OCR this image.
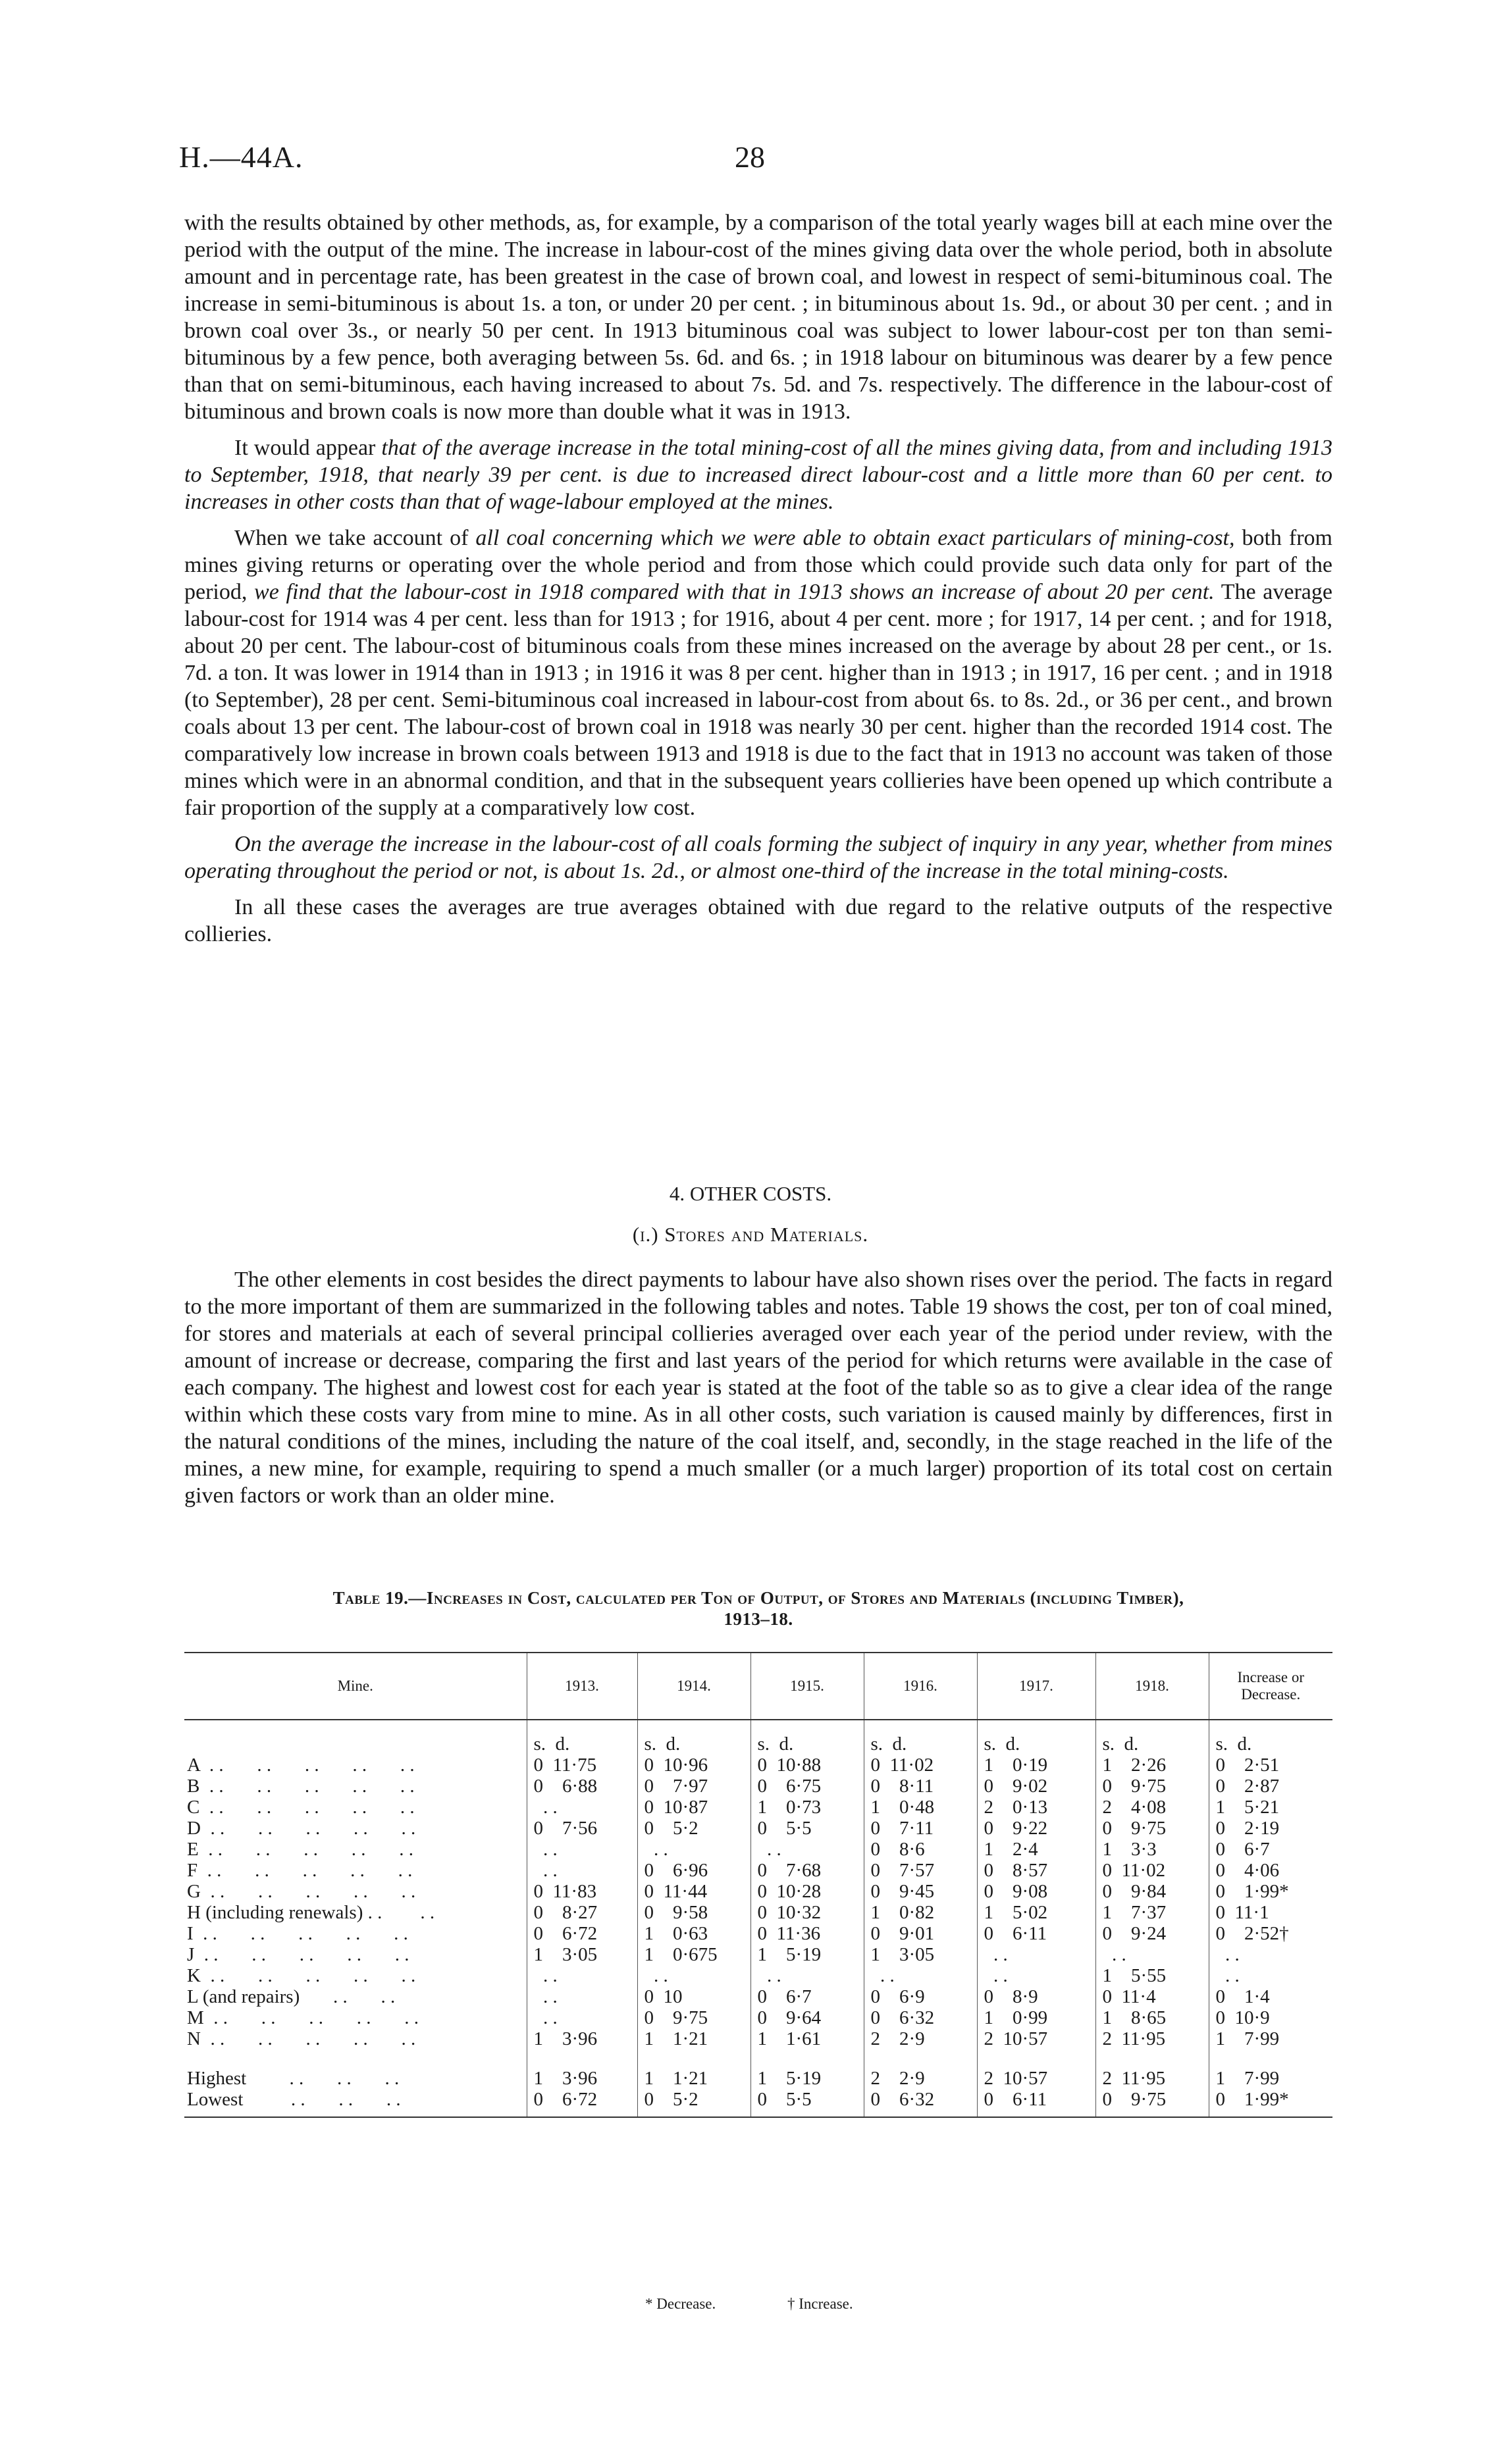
H.—44A.	28

with the results obtained by other methods, as, for example, by a comparison of the total yearly wages bill at each mine over the period with the output of the mine. The increase in labour-cost of the mines giving data over the whole period, both in absolute amount and in percentage rate, has been greatest in the case of brown coal, and lowest in respect of semi-bituminous coal. The increase in semi-bituminous is about 1s. a ton, or under 20 per cent. ; in bituminous about 1s. 9d., or about 30 per cent. ; and in brown coal over 3s., or nearly 50 per cent. In 1913 bituminous coal was subject to lower labour-cost per ton than semi-bituminous by a few pence, both averaging between 5s. 6d. and 6s. ; in 1918 labour on bituminous was dearer by a few pence than that on semi-bituminous, each having increased to about 7s. 5d. and 7s. respectively. The difference in the labour-cost of bituminous and brown coals is now more than double what it was in 1913.

It would appear that of the average increase in the total mining-cost of all the mines giving data, from and including 1913 to September, 1918, that nearly 39 per cent. is due to increased direct labour-cost and a little more than 60 per cent. to increases in other costs than that of wage-labour employed at the mines.

When we take account of all coal concerning which we were able to obtain exact particulars of mining-cost, both from mines giving returns or operating over the whole period and from those which could provide such data only for part of the period, we find that the labour-cost in 1918 compared with that in 1913 shows an increase of about 20 per cent. The average labour-cost for 1914 was 4 per cent. less than for 1913 ; for 1916, about 4 per cent. more ; for 1917, 14 per cent. ; and for 1918, about 20 per cent. The labour-cost of bituminous coals from these mines increased on the average by about 28 per cent., or 1s. 7d. a ton. It was lower in 1914 than in 1913 ; in 1916 it was 8 per cent. higher than in 1913 ; in 1917, 16 per cent. ; and in 1918 (to September), 28 per cent. Semi-bituminous coal increased in labour-cost from about 6s. to 8s. 2d., or 36 per cent., and brown coals about 13 per cent. The labour-cost of brown coal in 1918 was nearly 30 per cent. higher than the recorded 1914 cost. The comparatively low increase in brown coals between 1913 and 1918 is due to the fact that in 1913 no account was taken of those mines which were in an abnormal condition, and that in the subsequent years collieries have been opened up which contribute a fair proportion of the supply at a comparatively low cost.

On the average the increase in the labour-cost of all coals forming the subject of inquiry in any year, whether from mines operating throughout the period or not, is about 1s. 2d., or almost one-third of the increase in the total mining-costs.

In all these cases the averages are true averages obtained with due regard to the relative outputs of the respective collieries.

4. OTHER COSTS.
(i.) Stores and Materials.

The other elements in cost besides the direct payments to labour have also shown rises over the period. The facts in regard to the more important of them are summarized in the following tables and notes. Table 19 shows the cost, per ton of coal mined, for stores and materials at each of several principal collieries averaged over each year of the period under review, with the amount of increase or decrease, comparing the first and last years of the period for which returns were available in the case of each company. The highest and lowest cost for each year is stated at the foot of the table so as to give a clear idea of the range within which these costs vary from mine to mine. As in all other costs, such variation is caused mainly by differences, first in the natural conditions of the mines, including the nature of the coal itself, and, secondly, in the stage reached in the life of the mines, a new mine, for example, requiring to spend a much smaller (or a much larger) proportion of its total cost on certain given factors or work than an older mine.

Table 19.—Increases in Cost, calculated per Ton of Output, of Stores and Materials (including Timber),
1913–18.
Mine.	1913.	1914.	1915.	1916.	1917.	1918.	Increase or Decrease.
	s.  d.	s.  d.	s.  d.	s.  d.	s.  d.	s.  d.	s.  d.
A  . .       . .       . .       . .       . .	0  11·75	0  10·96	0  10·88	0  11·02	1    0·19	1    2·26	0    2·51
B  . .       . .       . .       . .       . .	0    6·88	0    7·97	0    6·75	0    8·11	0    9·02	0    9·75	0    2·87
C  . .       . .       . .       . .       . .	. .	0  10·87	1    0·73	1    0·48	2    0·13	2    4·08	1    5·21
D  . .       . .       . .       . .       . .	0    7·56	0    5·2	0    5·5	0    7·11	0    9·22	0    9·75	0    2·19
E  . .       . .       . .       . .       . .	. .	. .	. .	0    8·6	1    2·4	1    3·3	0    6·7
F  . .       . .       . .       . .       . .	. .	0    6·96	0    7·68	0    7·57	0    8·57	0  11·02	0    4·06
G  . .       . .       . .       . .       . .	0  11·83	0  11·44	0  10·28	0    9·45	0    9·08	0    9·84	0    1·99*
H (including renewals) . .        . .	0    8·27	0    9·58	0  10·32	1    0·82	1    5·02	1    7·37	0  11·1
I  . .       . .       . .       . .       . .	0    6·72	1    0·63	0  11·36	0    9·01	0    6·11	0    9·24	0    2·52†
J  . .       . .       . .       . .       . .	1    3·05	1    0·675	1    5·19	1    3·05	. .	. .	. .
K  . .       . .       . .       . .       . .	. .	. .	. .	. .	. .	1    5·55	. .
L (and repairs)       . .       . .	. .	0  10	0    6·7	0    6·9	0    8·9	0  11·4	0    1·4
M  . .       . .       . .       . .       . .	. .	0    9·75	0    9·64	0    6·32	1    0·99	1    8·65	0  10·9
N  . .       . .       . .       . .       . .	1    3·96	1    1·21	1    1·61	2    2·9	2  10·57	2  11·95	1    7·99
Highest         . .       . .       . .	1    3·96	1    1·21	1    5·19	2    2·9	2  10·57	2  11·95	1    7·99
Lowest          . .       . .       . .	0    6·72	0    5·2	0    5·5	0    6·32	0    6·11	0    9·75	0    1·99*
* Decrease.	† Increase.
